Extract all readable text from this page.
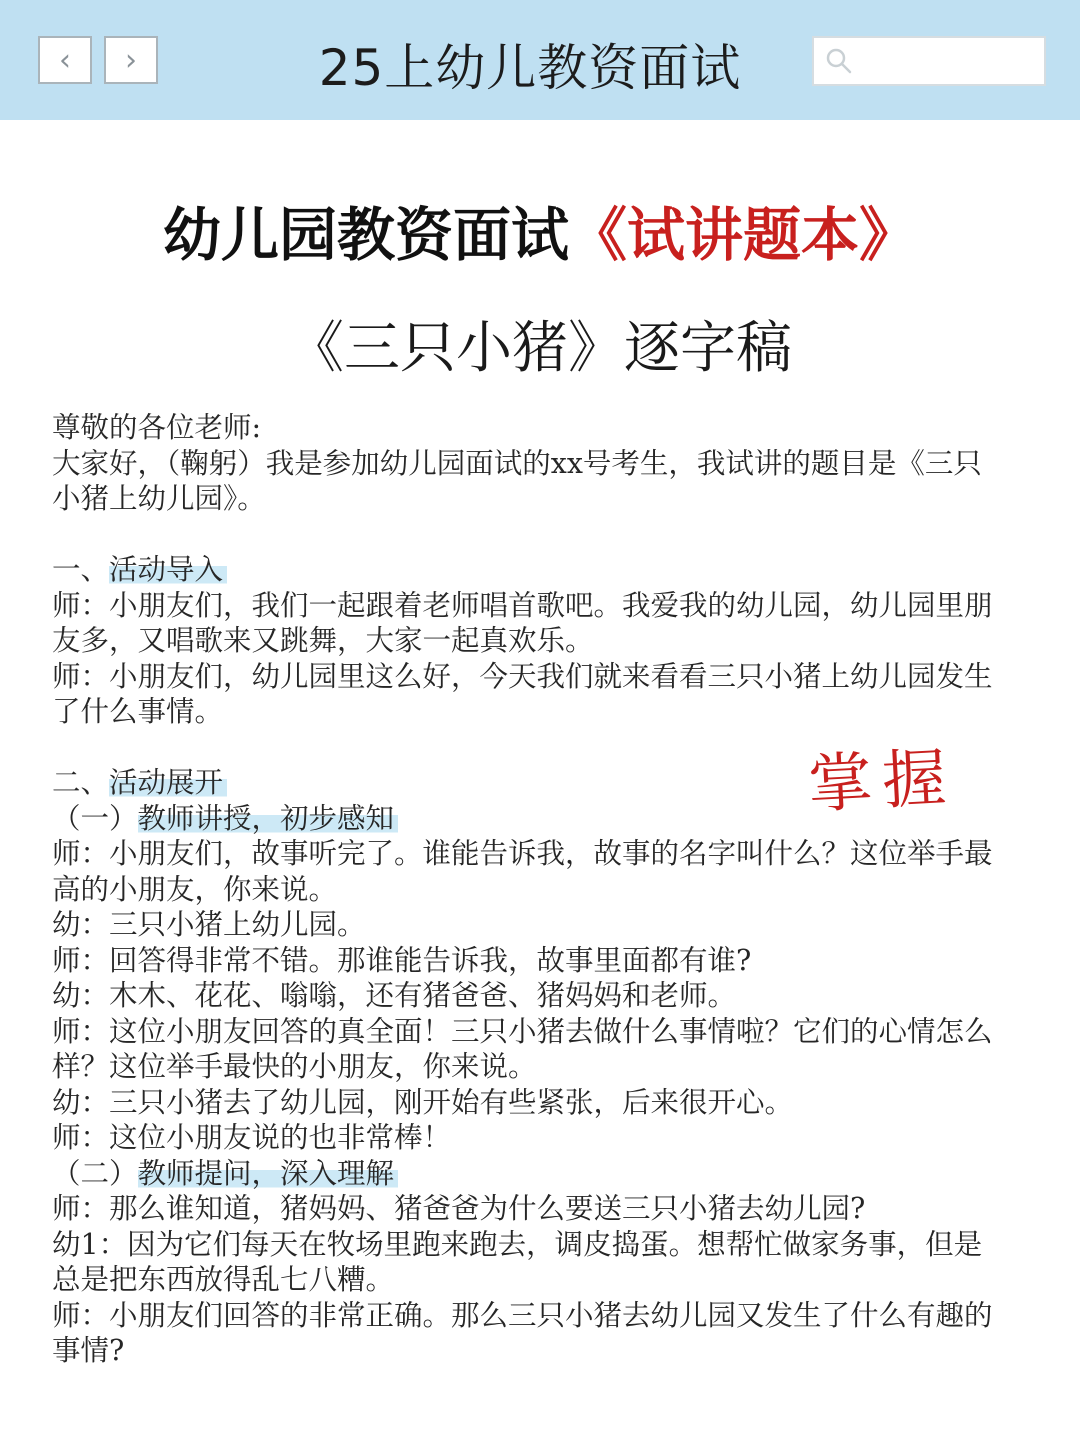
‹ ›	25上幼儿教资面试
幼儿园教资面试《试讲题本》
《三只小猪》逐字稿
掌握
尊敬的各位老师:
大家好，（鞠躬）我是参加幼儿园面试的xx号考生，我试讲的题目是《三只
小猪上幼儿园》。
一、活动导入
师：小朋友们，我们一起跟着老师唱首歌吧。我爱我的幼儿园，幼儿园里朋
友多，又唱歌来又跳舞，大家一起真欢乐。
师：小朋友们，幼儿园里这么好，今天我们就来看看三只小猪上幼儿园发生
了什么事情。
二、活动展开
（一）教师讲授，初步感知
师：小朋友们，故事听完了。谁能告诉我，故事的名字叫什么？这位举手最
高的小朋友，你来说。
幼：三只小猪上幼儿园。
师：回答得非常不错。那谁能告诉我，故事里面都有谁?
幼：木木、花花、嗡嗡，还有猪爸爸、猪妈妈和老师。
师：这位小朋友回答的真全面！三只小猪去做什么事情啦？它们的心情怎么
样？这位举手最快的小朋友，你来说。
幼：三只小猪去了幼儿园，刚开始有些紧张，后来很开心。
师：这位小朋友说的也非常棒！
（二）教师提问，深入理解
师：那么谁知道，猪妈妈、猪爸爸为什么要送三只小猪去幼儿园?
幼1：因为它们每天在牧场里跑来跑去，调皮捣蛋。想帮忙做家务事，但是
总是把东西放得乱七八糟。
师：小朋友们回答的非常正确。那么三只小猪去幼儿园又发生了什么有趣的
事情?
